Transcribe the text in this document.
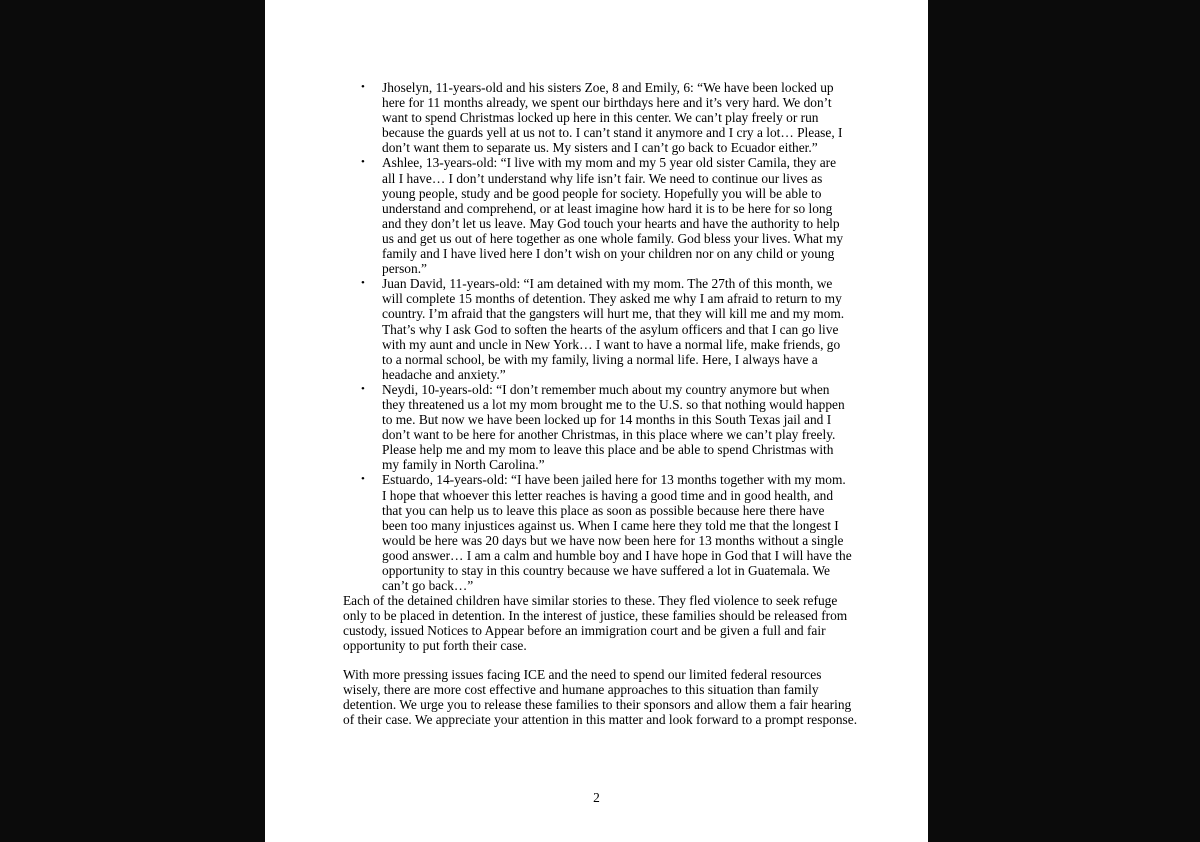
• Jhoselyn, 11-years-old and his sisters Zoe, 8 and Emily, 6: “We have been locked up here for 11 months already, we spent our birthdays here and it’s very hard. We don’t want to spend Christmas locked up here in this center. We can’t play freely or run because the guards yell at us not to. I can’t stand it anymore and I cry a lot… Please, I don’t want them to separate us. My sisters and I can’t go back to Ecuador either.”
• Ashlee, 13-years-old: “I live with my mom and my 5 year old sister Camila, they are all I have… I don’t understand why life isn’t fair. We need to continue our lives as young people, study and be good people for society. Hopefully you will be able to understand and comprehend, or at least imagine how hard it is to be here for so long and they don’t let us leave. May God touch your hearts and have the authority to help us and get us out of here together as one whole family. God bless your lives. What my family and I have lived here I don’t wish on your children nor on any child or young person.”
• Juan David, 11-years-old: “I am detained with my mom. The 27th of this month, we will complete 15 months of detention. They asked me why I am afraid to return to my country. I’m afraid that the gangsters will hurt me, that they will kill me and my mom. That’s why I ask God to soften the hearts of the asylum officers and that I can go live with my aunt and uncle in New York… I want to have a normal life, make friends, go to a normal school, be with my family, living a normal life. Here, I always have a headache and anxiety.”
• Neydi, 10-years-old: “I don’t remember much about my country anymore but when they threatened us a lot my mom brought me to the U.S. so that nothing would happen to me. But now we have been locked up for 14 months in this South Texas jail and I don’t want to be here for another Christmas, in this place where we can’t play freely. Please help me and my mom to leave this place and be able to spend Christmas with my family in North Carolina.”
• Estuardo, 14-years-old: “I have been jailed here for 13 months together with my mom. I hope that whoever this letter reaches is having a good time and in good health, and that you can help us to leave this place as soon as possible because here there have been too many injustices against us. When I came here they told me that the longest I would be here was 20 days but we have now been here for 13 months without a single good answer… I am a calm and humble boy and I have hope in God that I will have the opportunity to stay in this country because we have suffered a lot in Guatemala. We can’t go back…”

Each of the detained children have similar stories to these. They fled violence to seek refuge only to be placed in detention. In the interest of justice, these families should be released from custody, issued Notices to Appear before an immigration court and be given a full and fair opportunity to put forth their case.

With more pressing issues facing ICE and the need to spend our limited federal resources wisely, there are more cost effective and humane approaches to this situation than family detention. We urge you to release these families to their sponsors and allow them a fair hearing of their case. We appreciate your attention in this matter and look forward to a prompt response.

2
